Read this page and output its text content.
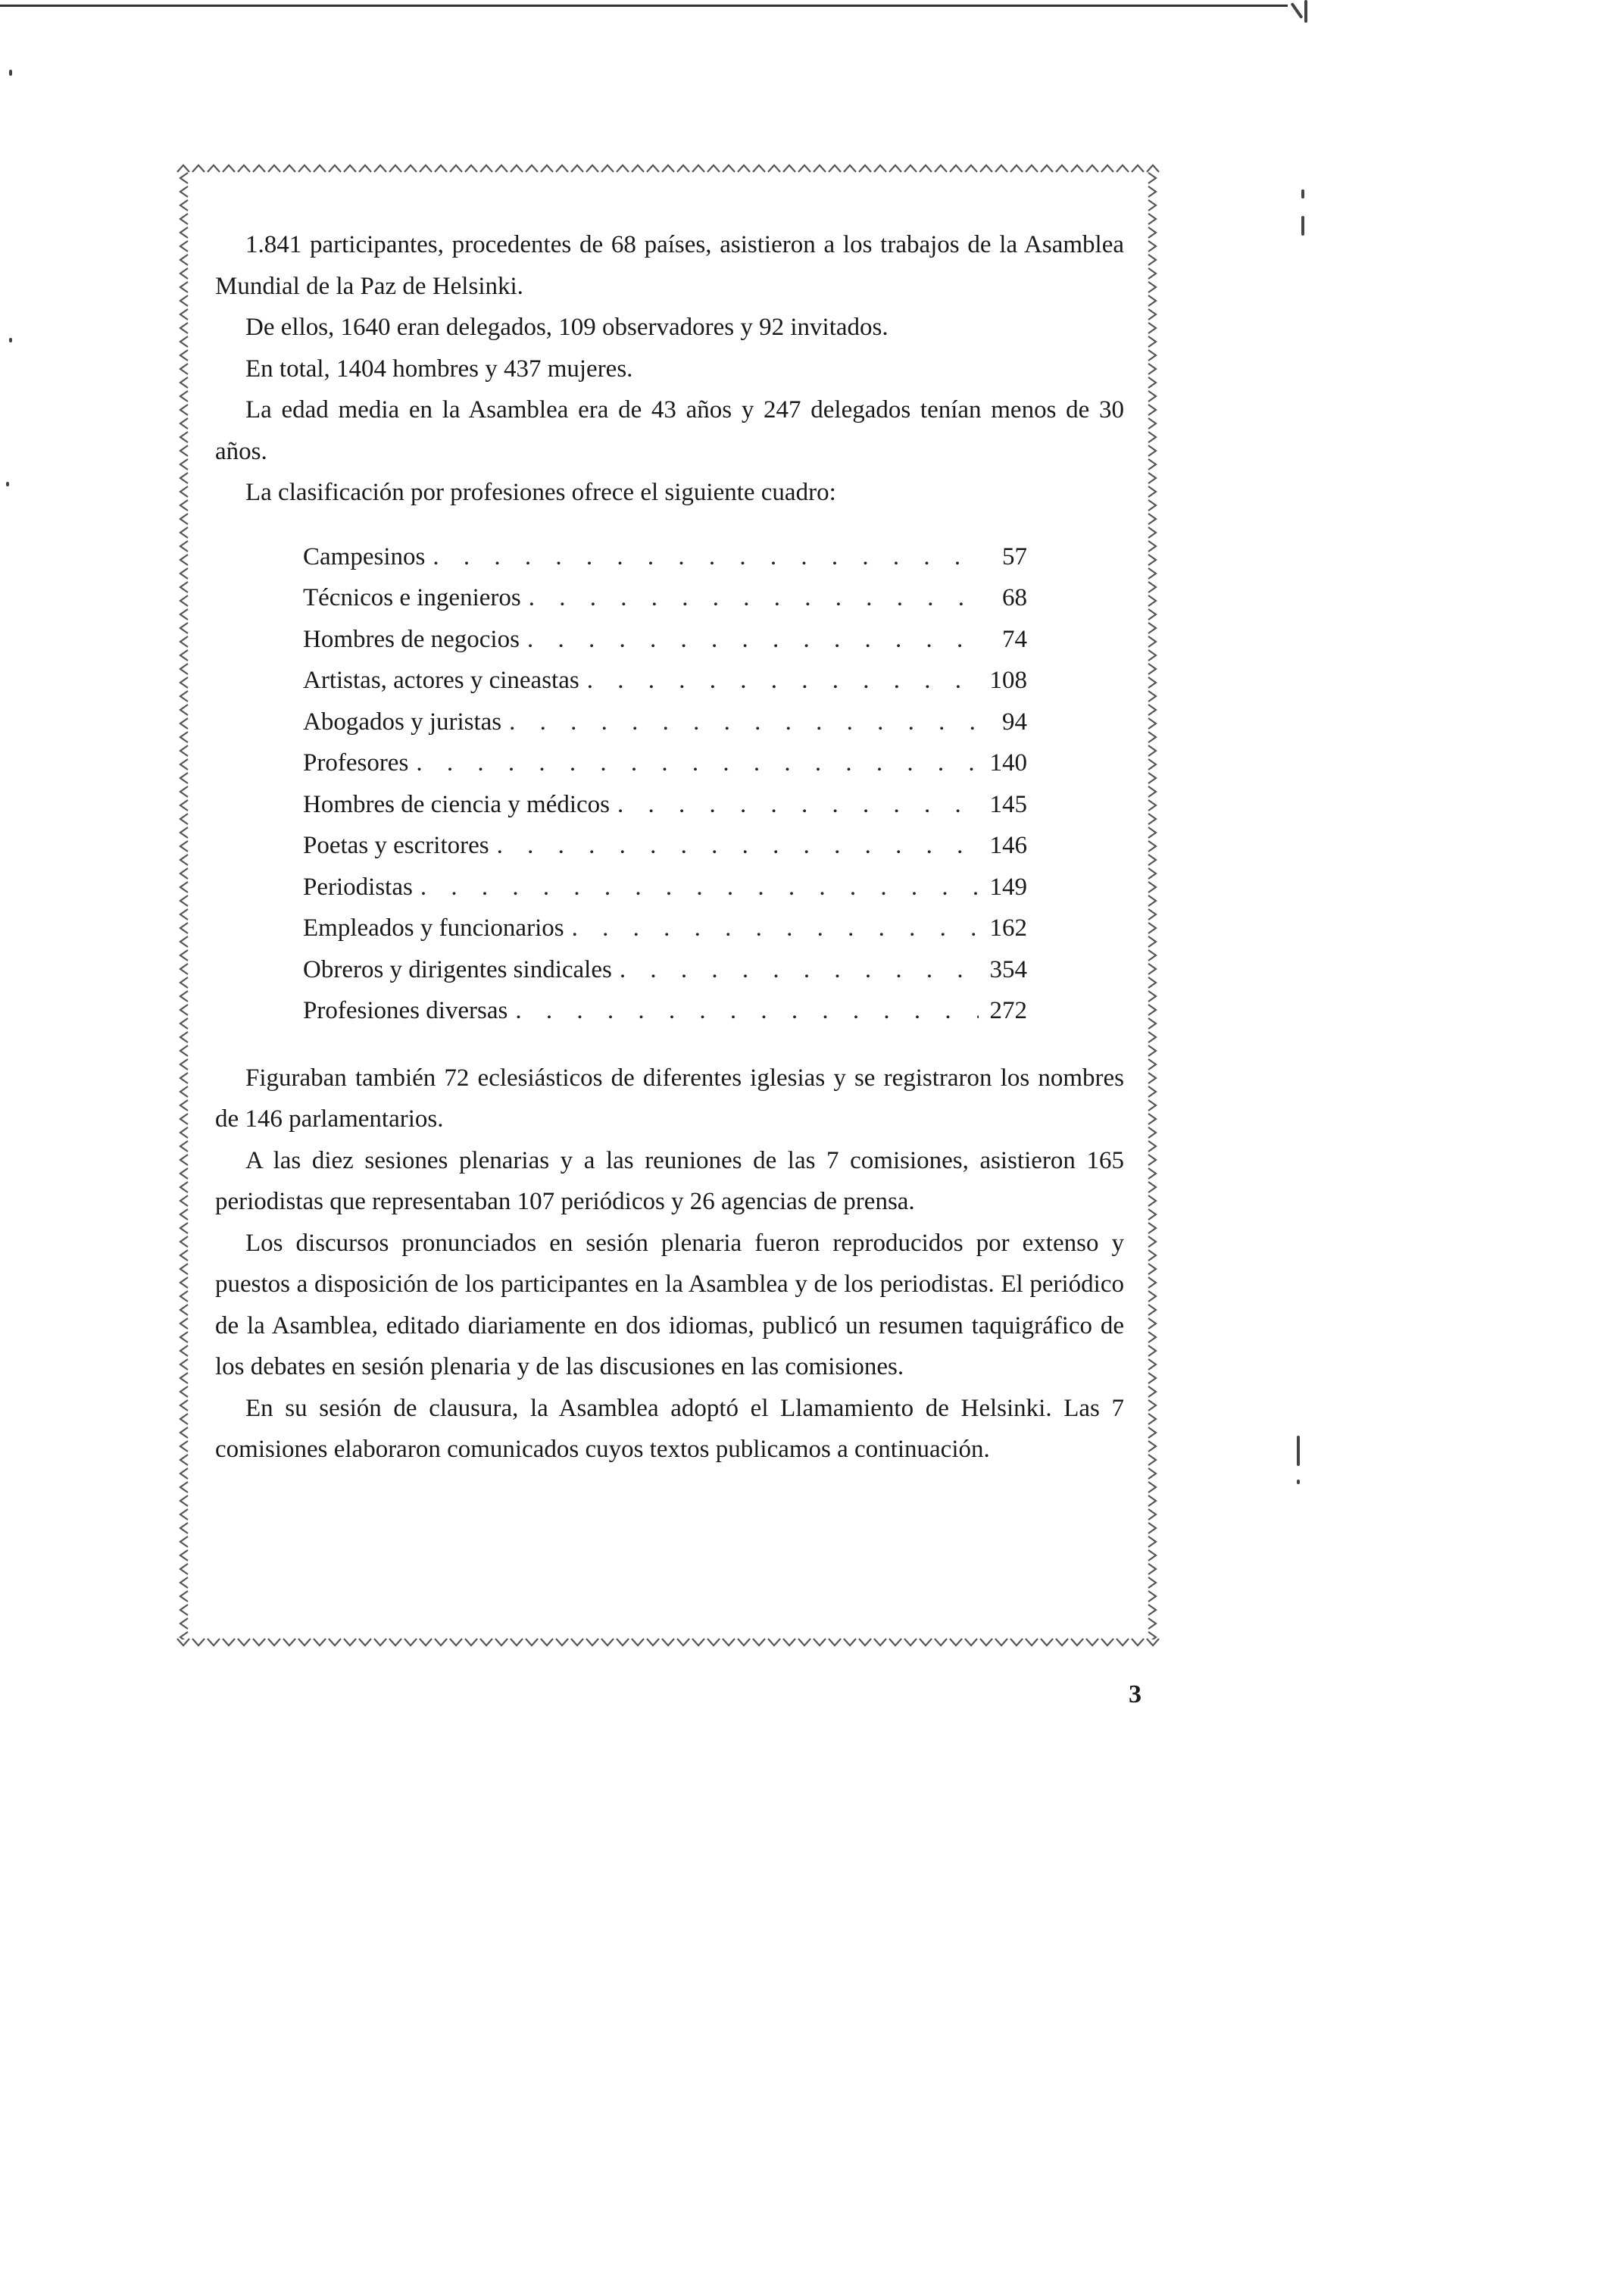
1.841 participantes, procedentes de 68 países, asistieron a los trabajos de la Asamblea Mundial de la Paz de Helsinki.

De ellos, 1640 eran delegados, 109 observadores y 92 invitados.

En total, 1404 hombres y 437 mujeres.

La edad media en la Asamblea era de 43 años y 247 delegados tenían menos de 30 años.

La clasificación por profesiones ofrece el siguiente cuadro:

Campesinos . . .	57
Técnicos e ingenieros . . .	68
Hombres de negocios . . .	74
Artistas, actores y cineastas . . .	108
Abogados y juristas . . .	94
Profesores . . .	140
Hombres de ciencia y médicos . . .	145
Poetas y escritores . . .	146
Periodistas . . .	149
Empleados y funcionarios . . .	162
Obreros y dirigentes sindicales . . .	354
Profesiones diversas . . .	272

Figuraban también 72 eclesiásticos de diferentes iglesias y se registraron los nombres de 146 parlamentarios.

A las diez sesiones plenarias y a las reuniones de las 7 comisiones, asistieron 165 periodistas que representaban 107 periódicos y 26 agencias de prensa.

Los discursos pronunciados en sesión plenaria fueron reproducidos por extenso y puestos a disposición de los participantes en la Asamblea y de los periodistas. El periódico de la Asamblea, editado diariamente en dos idiomas, publicó un resumen taquigráfico de los debates en sesión plenaria y de las discusiones en las comisiones.

En su sesión de clausura, la Asamblea adoptó el Llamamiento de Helsinki. Las 7 comisiones elaboraron comunicados cuyos textos publicamos a continuación.

3
